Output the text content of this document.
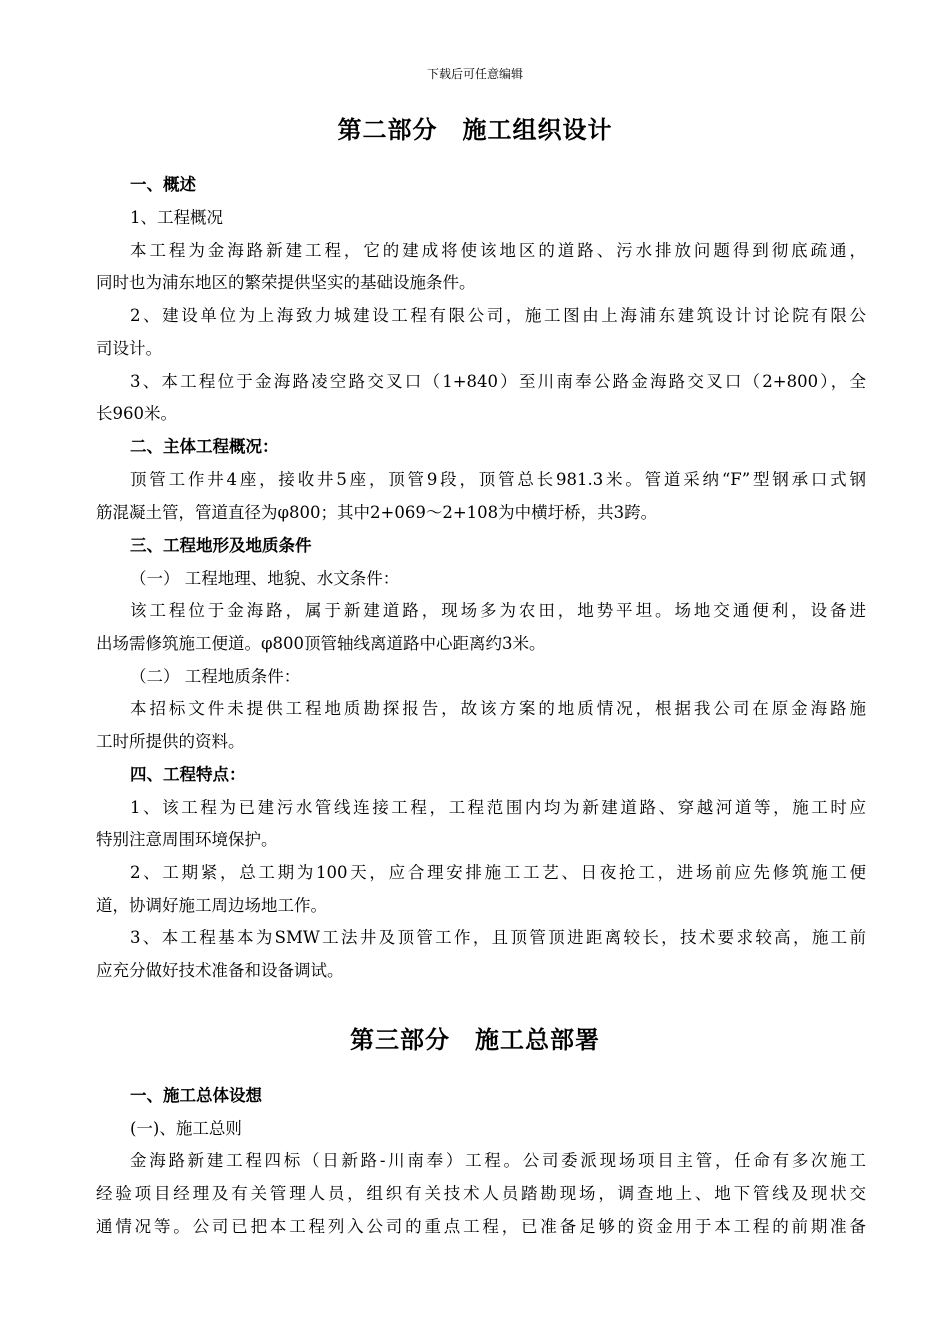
下载后可任意编辑
第二部分　施工组织设计
一、概述
1、工程概况
本工程为金海路新建工程，它的建成将使该地区的道路、污水排放问题得到彻底疏通，
同时也为浦东地区的繁荣提供坚实的基础设施条件。
2、建设单位为上海致力城建设工程有限公司，施工图由上海浦东建筑设计讨论院有限公
司设计。
3、本工程位于金海路凌空路交叉口（1+840）至川南奉公路金海路交叉口（2+800），全
长960米。
二、主体工程概况：
顶管工作井4座，接收井5座，顶管9段，顶管总长981.3米。管道采纳“F”型钢承口式钢
筋混凝土管，管道直径为φ800；其中2+069～2+108为中横圩桥，共3跨。
三、工程地形及地质条件
（一） 工程地理、地貌、水文条件：
该工程位于金海路，属于新建道路，现场多为农田，地势平坦。场地交通便利，设备进
出场需修筑施工便道。φ800顶管轴线离道路中心距离约3米。
（二） 工程地质条件：
本招标文件未提供工程地质勘探报告，故该方案的地质情况，根据我公司在原金海路施
工时所提供的资料。
四、工程特点：
1、该工程为已建污水管线连接工程，工程范围内均为新建道路、穿越河道等，施工时应
特别注意周围环境保护。
2、工期紧，总工期为100天，应合理安排施工工艺、日夜抢工，进场前应先修筑施工便
道，协调好施工周边场地工作。
3、本工程基本为SMW工法井及顶管工作，且顶管顶进距离较长，技术要求较高，施工前
应充分做好技术准备和设备调试。
第三部分　施工总部署
一、施工总体设想
(一)、施工总则
金海路新建工程四标（日新路-川南奉）工程。公司委派现场项目主管，任命有多次施工
经验项目经理及有关管理人员，组织有关技术人员踏勘现场，调查地上、地下管线及现状交
通情况等。公司已把本工程列入公司的重点工程，已准备足够的资金用于本工程的前期准备
